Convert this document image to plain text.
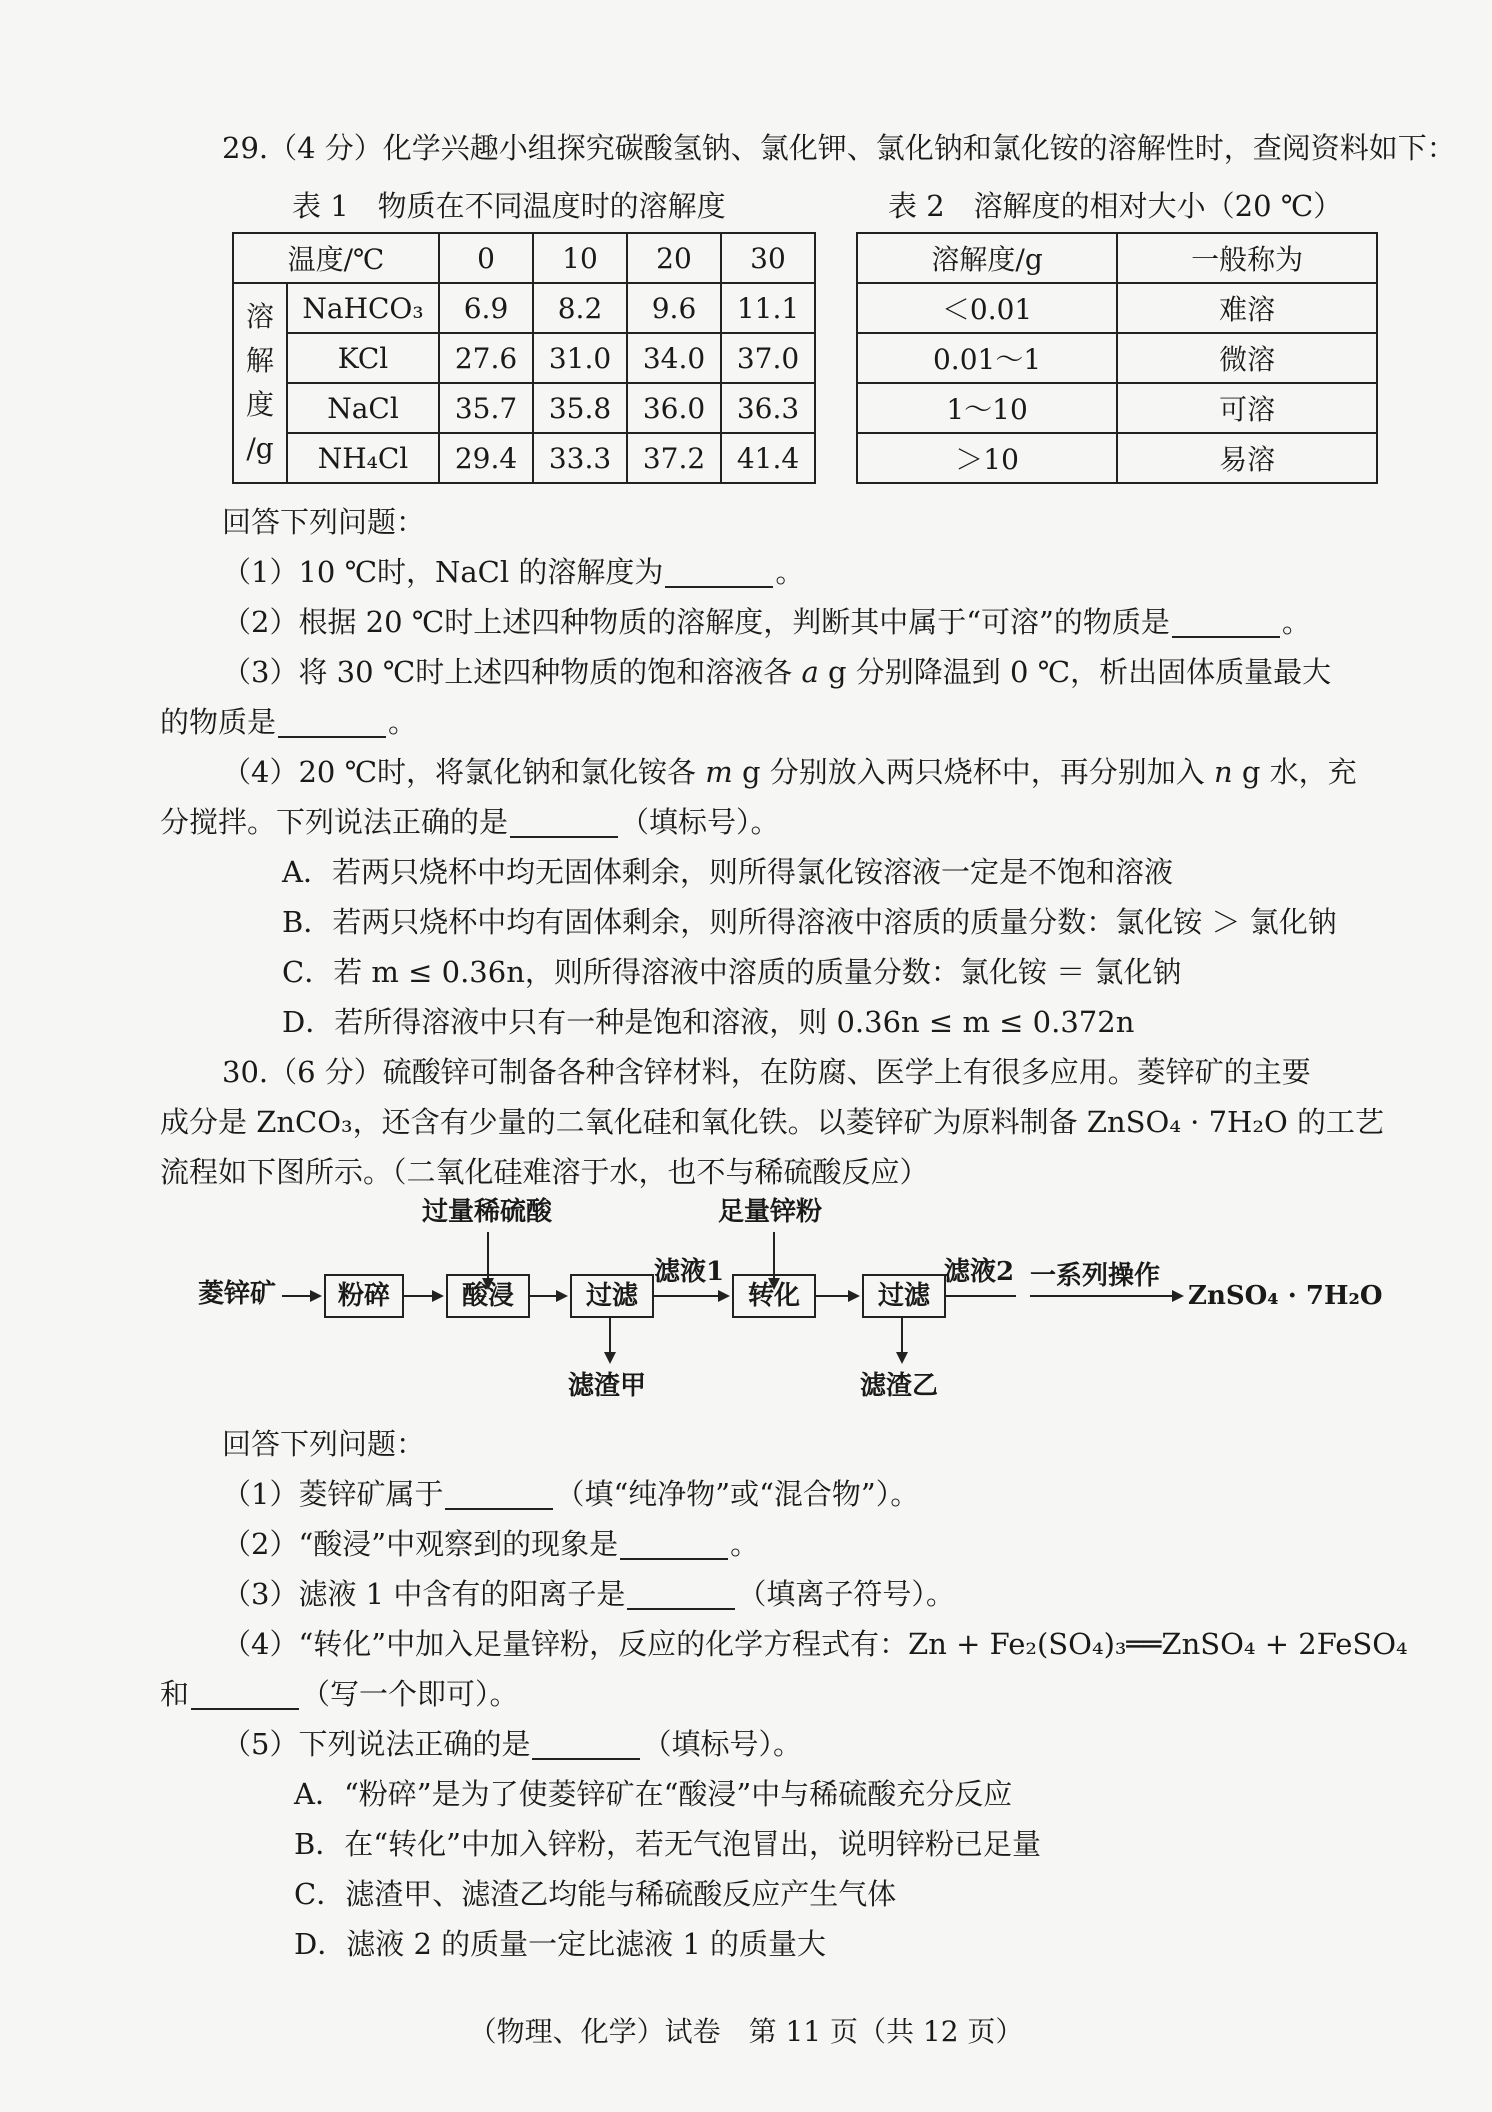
29.（4 分）化学兴趣小组探究碳酸氢钠、氯化钾、氯化钠和氯化铵的溶解性时，查阅资料如下：
表 1　物质在不同温度时的溶解度	表 2　溶解度的相对大小（20 ℃）
温度/℃		0	10	20	30

溶
解
度
/g	NaHCO₃	6.9	8.2	9.6	11.1
	KCl	27.6	31.0	34.0	37.0
	NaCl	35.7	35.8	36.0	36.3
	NH₄Cl	29.4	33.3	37.2	41.4
溶解度/g	一般称为
＜0.01	难溶
0.01～1	微溶
1～10	可溶
＞10	易溶
回答下列问题：
（1）10 ℃时，NaCl 的溶解度为	。
（2）根据 20 ℃时上述四种物质的溶解度，判断其中属于“可溶”的物质是	。
（3）将 30 ℃时上述四种物质的饱和溶液各 a g 分别降温到 0 ℃，析出固体质量最大
的物质是	。
（4）20 ℃时，将氯化钠和氯化铵各 m g 分别放入两只烧杯中，再分别加入 n g 水，充
分搅拌。下列说法正确的是	（填标号）。
A．若两只烧杯中均无固体剩余，则所得氯化铵溶液一定是不饱和溶液
B．若两只烧杯中均有固体剩余，则所得溶液中溶质的质量分数：氯化铵 ＞ 氯化钠
C．若 m ≤ 0.36n，则所得溶液中溶质的质量分数：氯化铵 ＝ 氯化钠
D．若所得溶液中只有一种是饱和溶液，则 0.36n ≤ m ≤ 0.372n
30.（6 分）硫酸锌可制备各种含锌材料，在防腐、医学上有很多应用。菱锌矿的主要
成分是 ZnCO₃，还含有少量的二氧化硅和氧化铁。以菱锌矿为原料制备 ZnSO₄ · 7H₂O 的工艺
流程如下图所示。（二氧化硅难溶于水，也不与稀硫酸反应）
过量稀硫酸	足量锌粉
菱锌矿	粉碎	酸浸	过滤
滤液1
转化	过滤
滤液2 一系列操作
ZnSO₄ · 7H₂O
滤渣甲	滤渣乙
回答下列问题：
（1）菱锌矿属于	（填“纯净物”或“混合物”）。
（2）“酸浸”中观察到的现象是	。
（3）滤液 1 中含有的阳离子是	（填离子符号）。
（4）“转化”中加入足量锌粉，反应的化学方程式有：Zn + Fe₂(SO₄)₃══ZnSO₄ + 2FeSO₄
和	（写一个即可）。
（5）下列说法正确的是	（填标号）。
A．“粉碎”是为了使菱锌矿在“酸浸”中与稀硫酸充分反应
B．在“转化”中加入锌粉，若无气泡冒出，说明锌粉已足量
C．滤渣甲、滤渣乙均能与稀硫酸反应产生气体
D．滤液 2 的质量一定比滤液 1 的质量大
（物理、化学）试卷　第 11 页（共 12 页）
